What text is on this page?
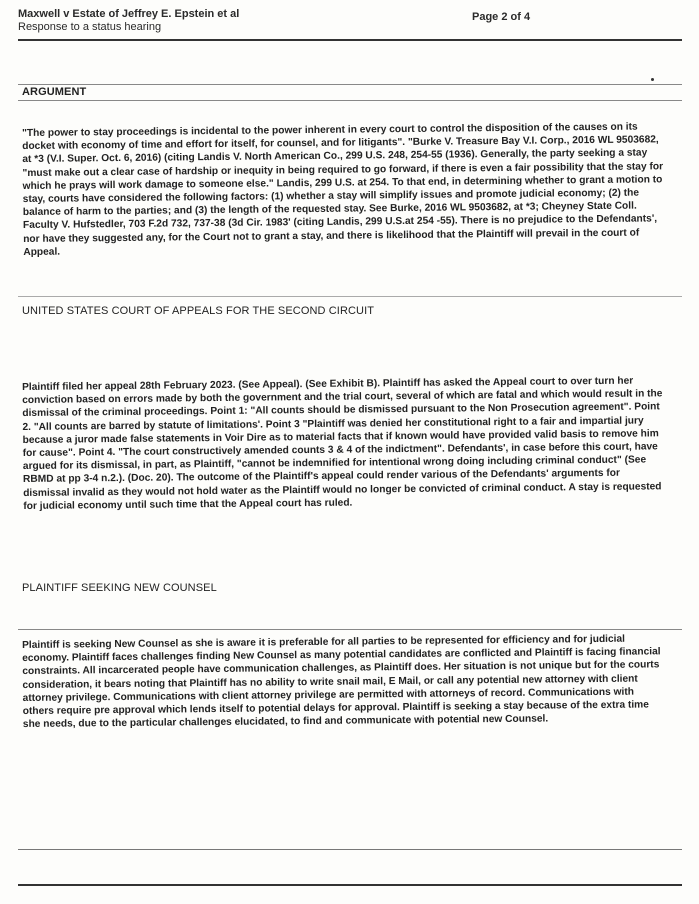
Maxwell v Estate of Jeffrey E. Epstein et al
Response to a status hearing
Page 2 of 4
ARGUMENT
"The power to stay proceedings is incidental to the power inherent in every court to control the disposition of the causes on its docket with economy of time and effort for itself, for counsel, and for litigants". "Burke V. Treasure Bay V.I. Corp., 2016 WL 9503682, at *3 (V.I. Super. Oct. 6, 2016) (citing Landis V. North American Co., 299 U.S. 248, 254-55 (1936). Generally, the party seeking a stay "must make out a clear case of hardship or inequity in being required to go forward, if there is even a fair possibility that the stay for which he prays will work damage to someone else." Landis, 299 U.S. at 254. To that end, in determining whether to grant a motion to stay, courts have considered the following factors: (1) whether a stay will simplify issues and promote judicial economy; (2) the balance of harm to the parties; and (3) the length of the requested stay. See Burke, 2016 WL 9503682, at *3; Cheyney State Coll. Faculty V. Hufstedler, 703 F.2d 732, 737-38 (3d Cir. 1983' (citing Landis, 299 U.S.at 254 -55). There is no prejudice to the Defendants', nor have they suggested any, for the Court not to grant a stay, and there is likelihood that the Plaintiff will prevail in the court of Appeal.
UNITED STATES COURT OF APPEALS FOR THE SECOND CIRCUIT
Plaintiff filed her appeal 28th February 2023. (See Appeal). (See Exhibit B). Plaintiff has asked the Appeal court to over turn her conviction based on errors made by both the government and the trial court, several of which are fatal and which would result in the dismissal of the criminal proceedings. Point 1: "All counts should be dismissed pursuant to the Non Prosecution agreement". Point 2. "All counts are barred by statute of limitations'. Point 3 "Plaintiff was denied her constitutional right to a fair and impartial jury because a juror made false statements in Voir Dire as to material facts that if known would have provided valid basis to remove him for cause". Point 4. "The court constructively amended counts 3 & 4 of the indictment". Defendants', in case before this court, have argued for its dismissal, in part, as Plaintiff, "cannot be indemnified for intentional wrong doing including criminal conduct" (See RBMD at pp 3-4 n.2.). (Doc. 20). The outcome of the Plaintiff's appeal could render various of the Defendants' arguments for dismissal invalid as they would not hold water as the Plaintiff would no longer be convicted of criminal conduct. A stay is requested for judicial economy until such time that the Appeal court has ruled.
PLAINTIFF SEEKING NEW COUNSEL
Plaintiff is seeking New Counsel as she is aware it is preferable for all parties to be represented for efficiency and for judicial economy. Plaintiff faces challenges finding New Counsel as many potential candidates are conflicted and Plaintiff is facing financial constraints. All incarcerated people have communication challenges, as Plaintiff does. Her situation is not unique but for the courts consideration, it bears noting that Plaintiff has no ability to write snail mail, E Mail, or call any potential new attorney with client attorney privilege. Communications with client attorney privilege are permitted with attorneys of record. Communications with others require pre approval which lends itself to potential delays for approval. Plaintiff is seeking a stay because of the extra time she needs, due to the particular challenges elucidated, to find and communicate with potential new Counsel.
